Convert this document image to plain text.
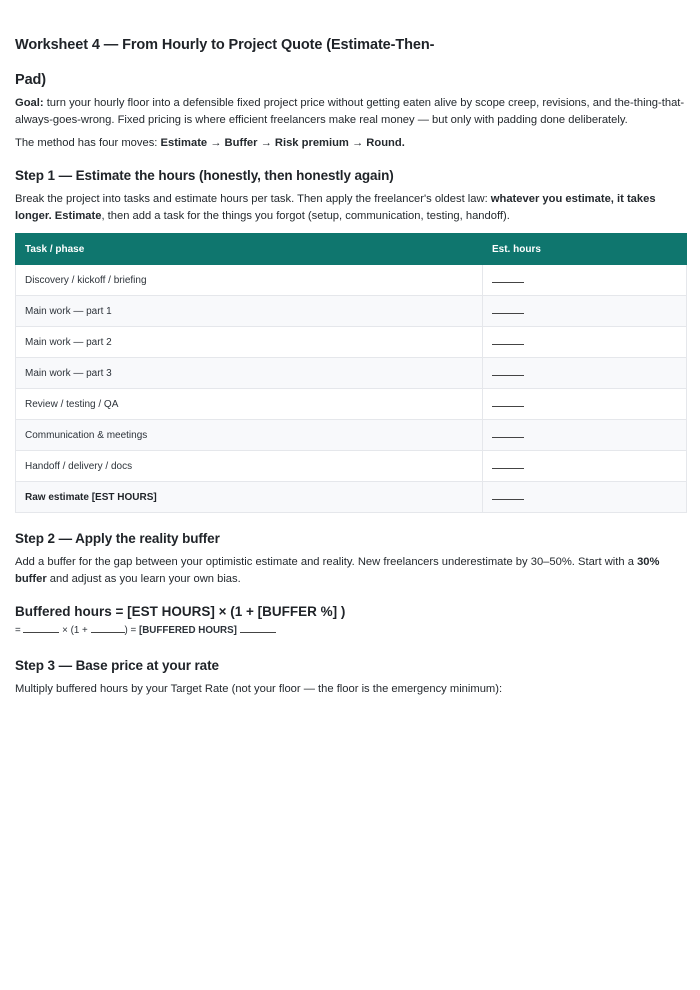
Worksheet 4 — From Hourly to Project Quote (Estimate-Then-
Pad)

Goal: turn your hourly floor into a defensible fixed project price without getting eaten alive by scope creep, revisions, and the-thing-that-always-goes-wrong. Fixed pricing is where efficient freelancers make real money — but only with padding done deliberately.

The method has four moves: Estimate → Buffer → Risk premium → Round.

Step 1 — Estimate the hours (honestly, then honestly again)

Break the project into tasks and estimate hours per task. Then apply the freelancer's oldest law: whatever you estimate, it takes longer. Estimate, then add a task for the things you forgot (setup, communication, testing, handoff).

Task / phase	Est. hours
Discovery / kickoff / briefing	
Main work — part 1	
Main work — part 2	
Main work — part 3	
Review / testing / QA	
Communication & meetings	
Handoff / delivery / docs	
Raw estimate [EST HOURS]	
Step 2 — Apply the reality buffer

Add a buffer for the gap between your optimistic estimate and reality. New freelancers underestimate by 30–50%. Start with a 30% buffer and adjust as you learn your own bias.

Buffered hours = [EST HOURS] × (1 + [BUFFER %] )
=	× (1 +	) = [BUFFERED HOURS]
Step 3 — Base price at your rate

Multiply buffered hours by your Target Rate (not your floor — the floor is the emergency minimum):
